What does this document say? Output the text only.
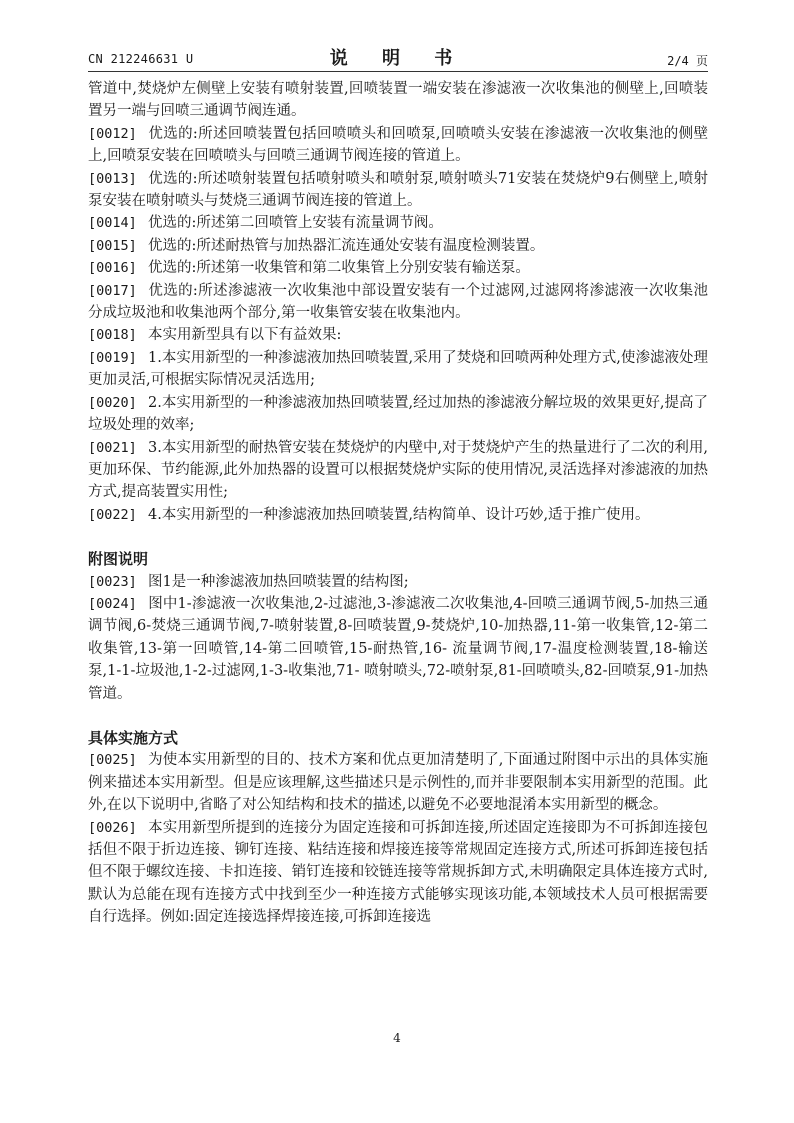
CN 212246631 U	说 明 书	2/4 页

管道中,焚烧炉左侧壁上安装有喷射装置,回喷装置一端安装在渗滤液一次收集池的侧壁上,回喷装置另一端与回喷三通调节阀连通。

[0012] 优选的:所述回喷装置包括回喷喷头和回喷泵,回喷喷头安装在渗滤液一次收集池的侧壁上,回喷泵安装在回喷喷头与回喷三通调节阀连接的管道上。

[0013] 优选的:所述喷射装置包括喷射喷头和喷射泵,喷射喷头71安装在焚烧炉9右侧壁上,喷射泵安装在喷射喷头与焚烧三通调节阀连接的管道上。

[0014] 优选的:所述第二回喷管上安装有流量调节阀。

[0015] 优选的:所述耐热管与加热器汇流连通处安装有温度检测装置。

[0016] 优选的:所述第一收集管和第二收集管上分别安装有输送泵。

[0017] 优选的:所述渗滤液一次收集池中部设置安装有一个过滤网,过滤网将渗滤液一次收集池分成垃圾池和收集池两个部分,第一收集管安装在收集池内。

[0018] 本实用新型具有以下有益效果:

[0019] 1.本实用新型的一种渗滤液加热回喷装置,采用了焚烧和回喷两种处理方式,使渗滤液处理更加灵活,可根据实际情况灵活选用;

[0020] 2.本实用新型的一种渗滤液加热回喷装置,经过加热的渗滤液分解垃圾的效果更好,提高了垃圾处理的效率;

[0021] 3.本实用新型的耐热管安装在焚烧炉的内壁中,对于焚烧炉产生的热量进行了二次的利用,更加环保、节约能源,此外加热器的设置可以根据焚烧炉实际的使用情况,灵活选择对渗滤液的加热方式,提高装置实用性;

[0022] 4.本实用新型的一种渗滤液加热回喷装置,结构简单、设计巧妙,适于推广使用。

附图说明

[0023] 图1是一种渗滤液加热回喷装置的结构图;

[0024] 图中1-渗滤液一次收集池,2-过滤池,3-渗滤液二次收集池,4-回喷三通调节阀,5-加热三通调节阀,6-焚烧三通调节阀,7-喷射装置,8-回喷装置,9-焚烧炉,10-加热器,11-第一收集管,12-第二收集管,13-第一回喷管,14-第二回喷管,15-耐热管,16- 流量调节阀,17-温度检测装置,18-输送泵,1-1-垃圾池,1-2-过滤网,1-3-收集池,71- 喷射喷头,72-喷射泵,81-回喷喷头,82-回喷泵,91-加热管道。

具体实施方式

[0025] 为使本实用新型的目的、技术方案和优点更加清楚明了,下面通过附图中示出的具体实施例来描述本实用新型。但是应该理解,这些描述只是示例性的,而并非要限制本实用新型的范围。此外,在以下说明中,省略了对公知结构和技术的描述,以避免不必要地混淆本实用新型的概念。

[0026] 本实用新型所提到的连接分为固定连接和可拆卸连接,所述固定连接即为不可拆卸连接包括但不限于折边连接、铆钉连接、粘结连接和焊接连接等常规固定连接方式,所述可拆卸连接包括但不限于螺纹连接、卡扣连接、销钉连接和铰链连接等常规拆卸方式,未明确限定具体连接方式时,默认为总能在现有连接方式中找到至少一种连接方式能够实现该功能,本领域技术人员可根据需要自行选择。例如:固定连接选择焊接连接,可拆卸连接选

4
